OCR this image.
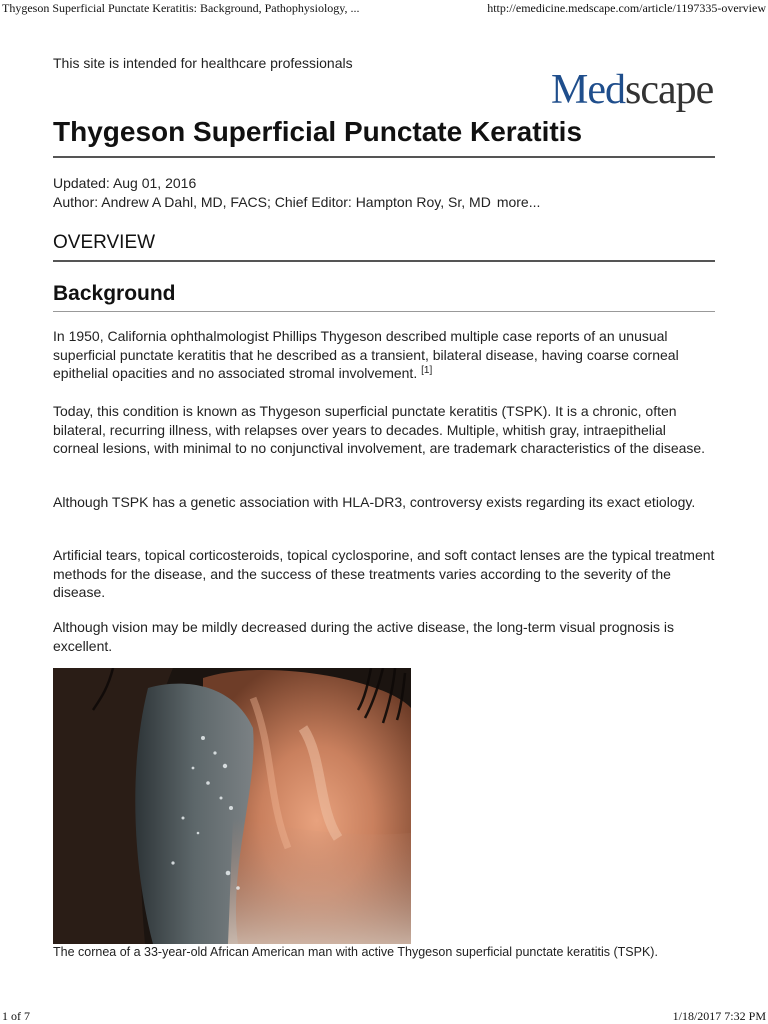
Thygeson Superficial Punctate Keratitis: Background, Pathophysiology, ...	http://emedicine.medscape.com/article/1197335-overview
This site is intended for healthcare professionals
Medscape
Thygeson Superficial Punctate Keratitis
Updated: Aug 01, 2016
Author: Andrew A Dahl, MD, FACS; Chief Editor: Hampton Roy, Sr, MD more...
OVERVIEW
Background

In 1950, California ophthalmologist Phillips Thygeson described multiple case reports of an unusual superficial punctate keratitis that he described as a transient, bilateral disease, having coarse corneal epithelial opacities and no associated stromal involvement. [1]

Today, this condition is known as Thygeson superficial punctate keratitis (TSPK). It is a chronic, often bilateral, recurring illness, with relapses over years to decades. Multiple, whitish gray, intraepithelial corneal lesions, with minimal to no conjunctival involvement, are trademark characteristics of the disease.

Although TSPK has a genetic association with HLA-DR3, controversy exists regarding its exact etiology.

Artificial tears, topical corticosteroids, topical cyclosporine, and soft contact lenses are the typical treatment methods for the disease, and the success of these treatments varies according to the severity of the disease.

Although vision may be mildly decreased during the active disease, the long-term visual prognosis is excellent.

The cornea of a 33-year-old African American man with active Thygeson superficial punctate keratitis (TSPK).
1 of 7	1/18/2017 7:32 PM
